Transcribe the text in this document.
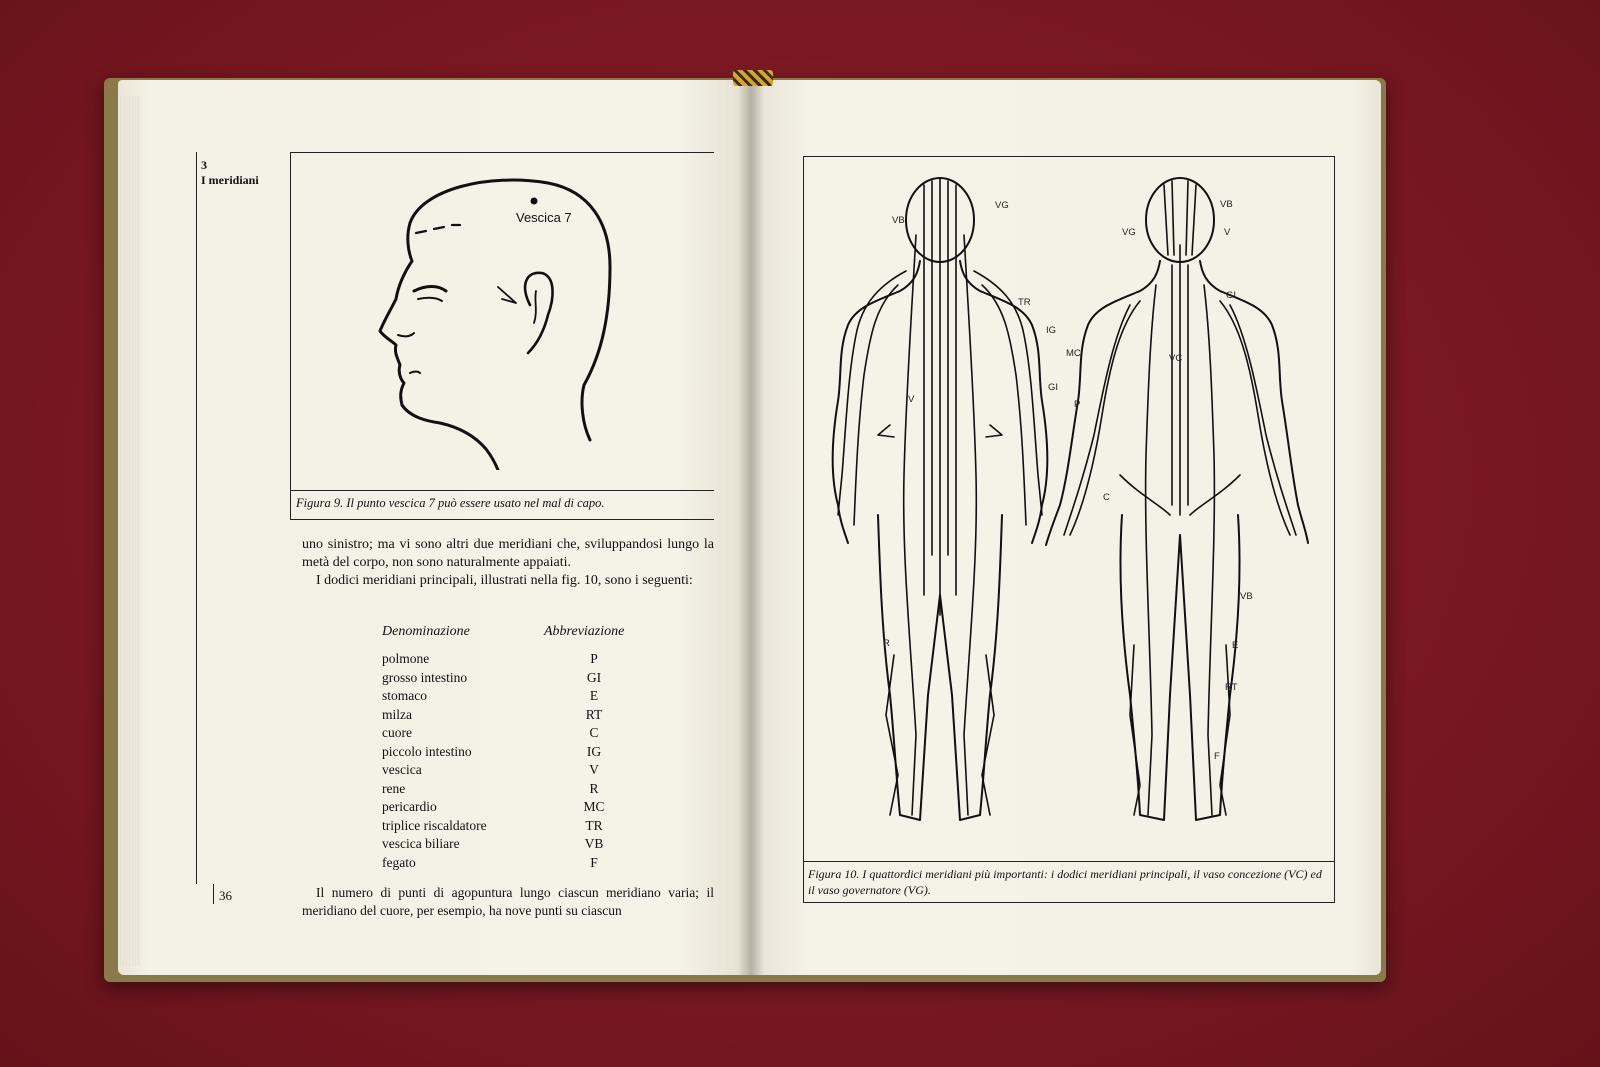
3
I meridiani
Vescica 7
Figura 9. Il punto vescica 7 può essere usato nel mal di capo.
uno sinistro; ma vi sono altri due meridiani che, sviluppandosi lungo la metà del corpo, non sono naturalmente appaiati.
I dodici meridiani principali, illustrati nella fig. 10, sono i seguenti:
Denominazione	Abbreviazione
polmone	P
grosso intestino	GI
stomaco	E
milza	RT
cuore	C
piccolo intestino	IG
vescica	V
rene	R
pericardio	MC
triplice riscaldatore	TR
vescica biliare	VB
fegato	F
Il numero di punti di agopuntura lungo ciascun meridiano varia; il meridiano del cuore, per esempio, ha nove punti su ciascun
36
VB
VG
TR
IG
GI
V
C
R
VB
VG	V
GI
MC	VC
P
VB
E
RT
F
Figura 10. I quattordici meridiani più importanti: i dodici meridiani principali, il vaso concezione (VC) ed il vaso governatore (VG).
